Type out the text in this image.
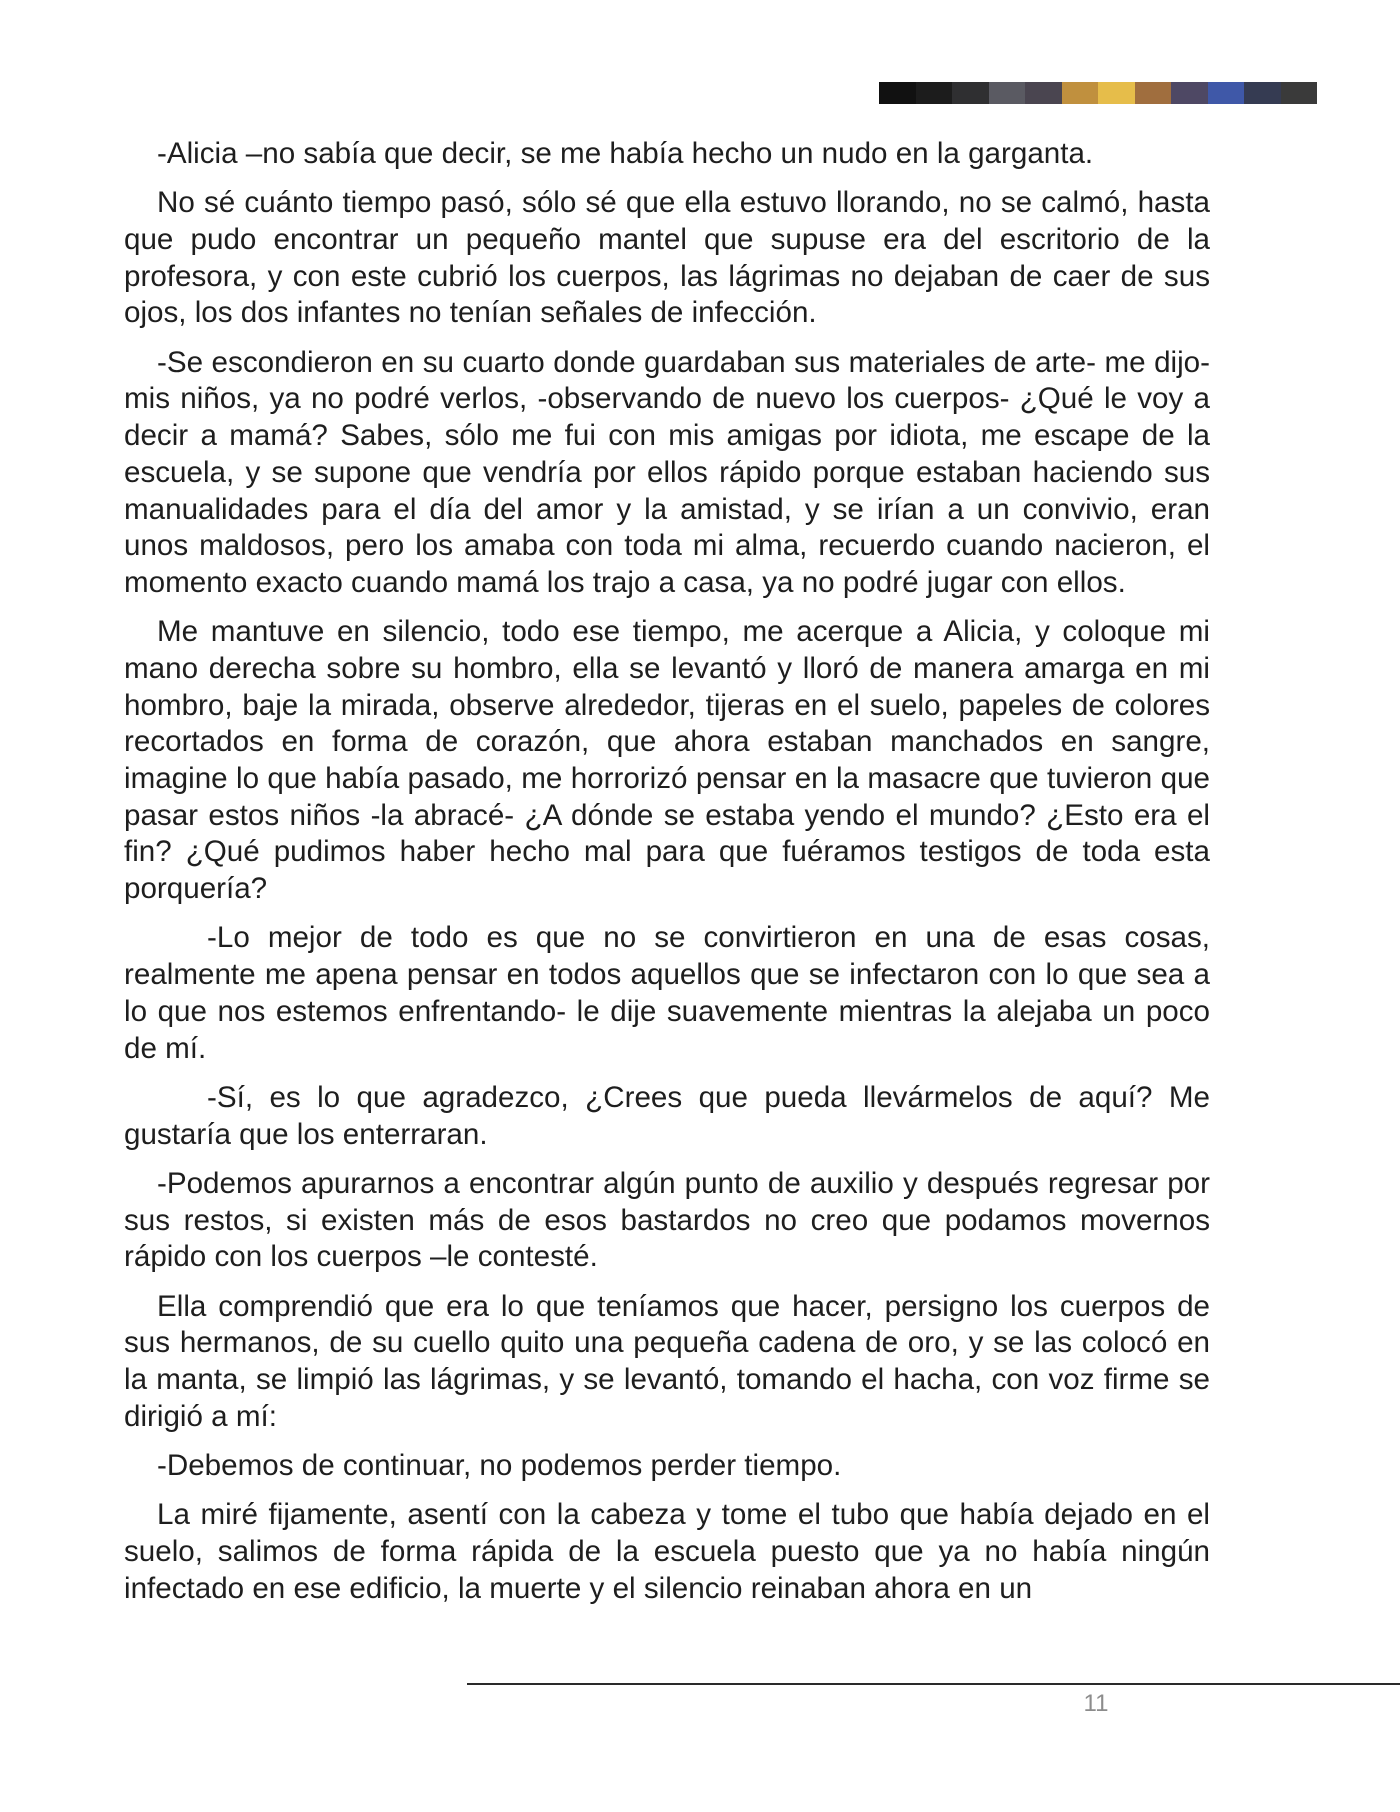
-Alicia –no sabía que decir, se me había hecho un nudo en la garganta.

No sé cuánto tiempo pasó, sólo sé que ella estuvo llorando, no se calmó, hasta que pudo encontrar un pequeño mantel que supuse era del escritorio de la profesora, y con este cubrió los cuerpos, las lágrimas no dejaban de caer de sus ojos, los dos infantes no tenían señales de infección.

-Se escondieron en su cuarto donde guardaban sus materiales de arte- me dijo- mis niños, ya no podré verlos, -observando de nuevo los cuerpos- ¿Qué le voy a decir a mamá? Sabes, sólo me fui con mis amigas por idiota, me escape de la escuela, y se supone que vendría por ellos rápido porque estaban haciendo sus manualidades para el día del amor y la amistad, y se irían a un convivio, eran unos maldosos, pero los amaba con toda mi alma, recuerdo cuando nacieron, el momento exacto cuando mamá los trajo a casa, ya no podré jugar con ellos.

Me mantuve en silencio, todo ese tiempo, me acerque a Alicia, y coloque mi mano derecha sobre su hombro, ella se levantó y lloró de manera amarga en mi hombro, baje la mirada, observe alrededor, tijeras en el suelo, papeles de colores recortados en forma de corazón, que ahora estaban manchados en sangre, imagine lo que había pasado, me horrorizó pensar en la masacre que tuvieron que pasar estos niños -la abracé- ¿A dónde se estaba yendo el mundo? ¿Esto era el fin? ¿Qué pudimos haber hecho mal para que fuéramos testigos de toda esta porquería?

-Lo mejor de todo es que no se convirtieron en una de esas cosas, realmente me apena pensar en todos aquellos que se infectaron con lo que sea a lo que nos estemos enfrentando- le dije suavemente mientras la alejaba un poco de mí.

-Sí, es lo que agradezco, ¿Crees que pueda llevármelos de aquí? Me gustaría que los enterraran.

-Podemos apurarnos a encontrar algún punto de auxilio y después regresar por sus restos, si existen más de esos bastardos no creo que podamos movernos rápido con los cuerpos –le contesté.

Ella comprendió que era lo que teníamos que hacer, persigno los cuerpos de sus hermanos, de su cuello quito una pequeña cadena de oro, y se las colocó en la manta, se limpió las lágrimas, y se levantó, tomando el hacha, con voz firme se dirigió a mí:

-Debemos de continuar, no podemos perder tiempo.

La miré fijamente, asentí con la cabeza y tome el tubo que había dejado en el suelo, salimos de forma rápida de la escuela puesto que ya no había ningún infectado en ese edificio, la muerte y el silencio reinaban ahora en un

11
